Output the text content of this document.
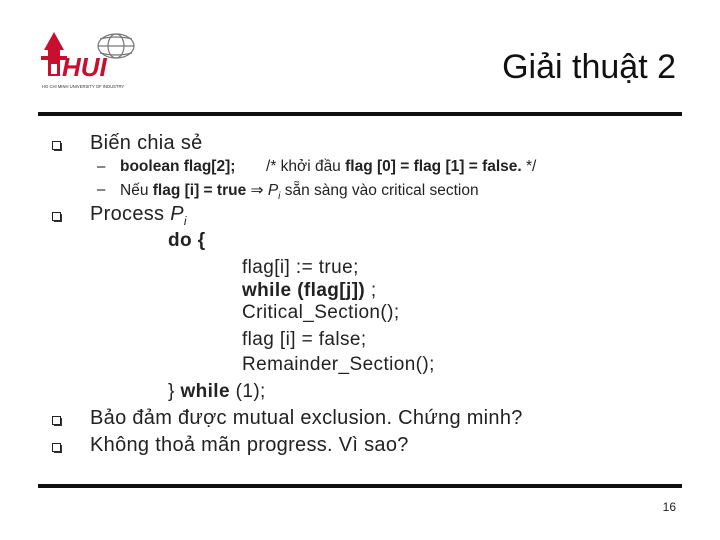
HUI
HO CHI MINH UNIVERSITY OF INDUSTRY
Giải thuật 2
Biến chia sẻ
– boolean flag[2]; /* khởi đầu flag [0] = flag [1] = false. */
– Nếu flag [i] = true ⇒ $P_i$ sẵn sàng vào critical section
Process $P_i$
do {
flag[i] := true;
while (flag[j]) ;
Critical_Section();
flag [i] = false;
Remainder_Section();
} while (1);
Bảo đảm được mutual exclusion. Chứng minh?
Không thoả mãn progress. Vì sao?
16
